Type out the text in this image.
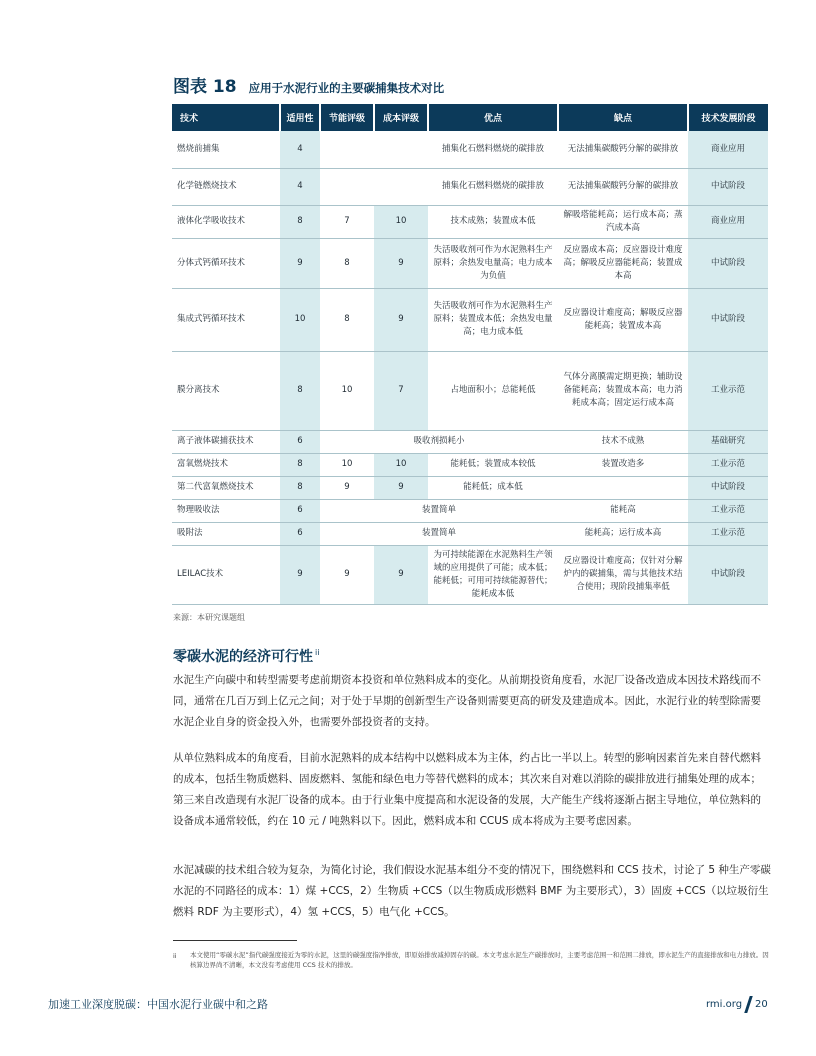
图表 18 应用于水泥行业的主要碳捕集技术对比
技术	适用性	节能评级	成本评级	优点	缺点	技术发展阶段
燃烧前捕集	4			捕集化石燃料燃烧的碳排放	无法捕集碳酸钙分解的碳排放	商业应用
化学链燃烧技术	4			捕集化石燃料燃烧的碳排放	无法捕集碳酸钙分解的碳排放	中试阶段
液体化学吸收技术	8	7	10	技术成熟；装置成本低	解吸塔能耗高；运行成本高；蒸汽成本高	商业应用
分体式钙循环技术	9	8	9	失活吸收剂可作为水泥熟料生产原料；余热发电量高；电力成本为负值	反应器成本高；反应器设计难度高；解吸反应器能耗高；装置成本高	中试阶段
集成式钙循环技术	10	8	9	失活吸收剂可作为水泥熟料生产原料；装置成本低；余热发电量高；电力成本低	反应器设计难度高；解吸反应器能耗高；装置成本高	中试阶段
膜分离技术	8	10	7	占地面积小；总能耗低	气体分离膜需定期更换；辅助设备能耗高；装置成本高；电力消耗成本高；固定运行成本高	工业示范
离子液体碳捕获技术	6	吸收剂损耗小			技术不成熟	基础研究
富氧燃烧技术	8	10	10	能耗低；装置成本较低	装置改造多	工业示范
第二代富氧燃烧技术	8	9	9	能耗低；成本低		中试阶段
物理吸收法	6	装置简单			能耗高	工业示范
吸附法	6	装置简单			能耗高；运行成本高	工业示范
LEILAC技术	9	9	9	为可持续能源在水泥熟料生产领域的应用提供了可能；成本低；能耗低；可用可持续能源替代；能耗成本低	反应器设计难度高；仅针对分解炉内的碳捕集，需与其他技术结合使用；现阶段捕集率低	中试阶段
来源：本研究课题组
零碳水泥的经济可行性 $^{ii}$

水泥生产向碳中和转型需要考虑前期资本投资和单位熟料成本的变化。从前期投资角度看，水泥厂设备改造成本因技术路线而不同，通常在几百万到上亿元之间；对于处于早期的创新型生产设备则需要更高的研发及建造成本。因此，水泥行业的转型除需要水泥企业自身的资金投入外，也需要外部投资者的支持。

从单位熟料成本的角度看，目前水泥熟料的成本结构中以燃料成本为主体，约占比一半以上。转型的影响因素首先来自替代燃料的成本，包括生物质燃料、固废燃料、氢能和绿色电力等替代燃料的成本；其次来自对难以消除的碳排放进行捕集处理的成本；第三来自改造现有水泥厂设备的成本。由于行业集中度提高和水泥设备的发展，大产能生产线将逐渐占据主导地位，单位熟料的设备成本通常较低，约在 10 元 / 吨熟料以下。因此，燃料成本和 CCUS 成本将成为主要考虑因素。

水泥减碳的技术组合较为复杂，为简化讨论，我们假设水泥基本组分不变的情况下，围绕燃料和 CCS 技术，讨论了 5 种生产零碳水泥的不同路径的成本：1）煤 +CCS，2）生物质 +CCS（以生物质成形燃料 BMF 为主要形式），3）固废 +CCS（以垃圾衍生燃料 RDF 为主要形式），4）氢 +CCS，5）电气化 +CCS。

ii 本文使用“零碳水泥”指代碳强度接近为零的水泥，这里的碳强度指净排放，即原始排放减掉固存的碳。本文考虑水泥生产碳排放时，主要考虑范围一和范围二排放，即水泥生产的直接排放和电力排放。因核算边界尚不清晰，本文没有考虑使用 CCS 技术的排放。
加速工业深度脱碳：中国水泥行业碳中和之路	rmi.org 20
